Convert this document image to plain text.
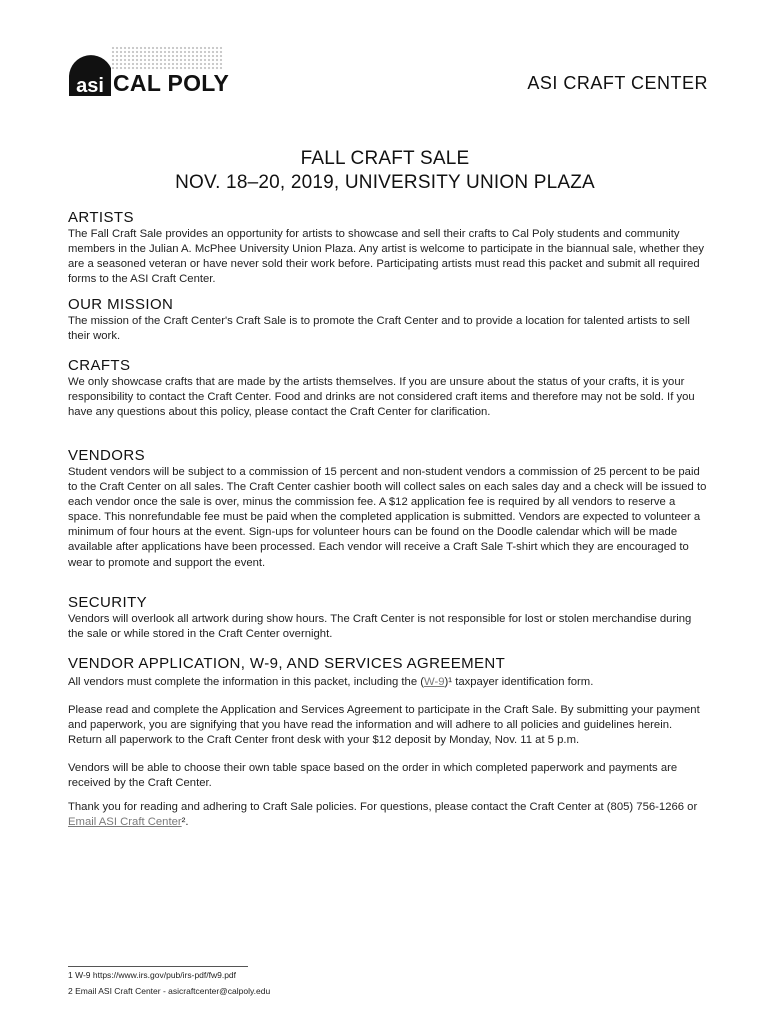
asi CAL POLY	ASI CRAFT CENTER
FALL CRAFT SALE
NOV. 18–20, 2019, UNIVERSITY UNION PLAZA
ARTISTS

The Fall Craft Sale provides an opportunity for artists to showcase and sell their crafts to Cal Poly students and community members in the Julian A. McPhee University Union Plaza. Any artist is welcome to participate in the biannual sale, whether they are a seasoned veteran or have never sold their work before. Participating artists must read this packet and submit all required forms to the ASI Craft Center.

OUR MISSION

The mission of the Craft Center's Craft Sale is to promote the Craft Center and to provide a location for talented artists to sell their work.

CRAFTS

We only showcase crafts that are made by the artists themselves. If you are unsure about the status of your crafts, it is your responsibility to contact the Craft Center. Food and drinks are not considered craft items and therefore may not be sold. If you have any questions about this policy, please contact the Craft Center for clarification.

VENDORS

Student vendors will be subject to a commission of 15 percent and non-student vendors a commission of 25 percent to be paid to the Craft Center on all sales. The Craft Center cashier booth will collect sales on each sales day and a check will be issued to each vendor once the sale is over, minus the commission fee. A $12 application fee is required by all vendors to reserve a space. This nonrefundable fee must be paid when the completed application is submitted. Vendors are expected to volunteer a minimum of four hours at the event. Sign-ups for volunteer hours can be found on the Doodle calendar which will be made available after applications have been processed. Each vendor will receive a Craft Sale T-shirt which they are encouraged to wear to promote and support the event.

SECURITY

Vendors will overlook all artwork during show hours. The Craft Center is not responsible for lost or stolen merchandise during the sale or while stored in the Craft Center overnight.

VENDOR APPLICATION, W-9, AND SERVICES AGREEMENT

All vendors must complete the information in this packet, including the (W-9)¹ taxpayer identification form.

Please read and complete the Application and Services Agreement to participate in the Craft Sale. By submitting your payment and paperwork, you are signifying that you have read the information and will adhere to all policies and guidelines herein. Return all paperwork to the Craft Center front desk with your $12 deposit by Monday, Nov. 11 at 5 p.m.

Vendors will be able to choose their own table space based on the order in which completed paperwork and payments are received by the Craft Center.

Thank you for reading and adhering to Craft Sale policies. For questions, please contact the Craft Center at (805) 756-1266 or Email ASI Craft Center².

1 W-9 https://www.irs.gov/pub/irs-pdf/fw9.pdf
2 Email ASI Craft Center - asicraftcenter@calpoly.edu
